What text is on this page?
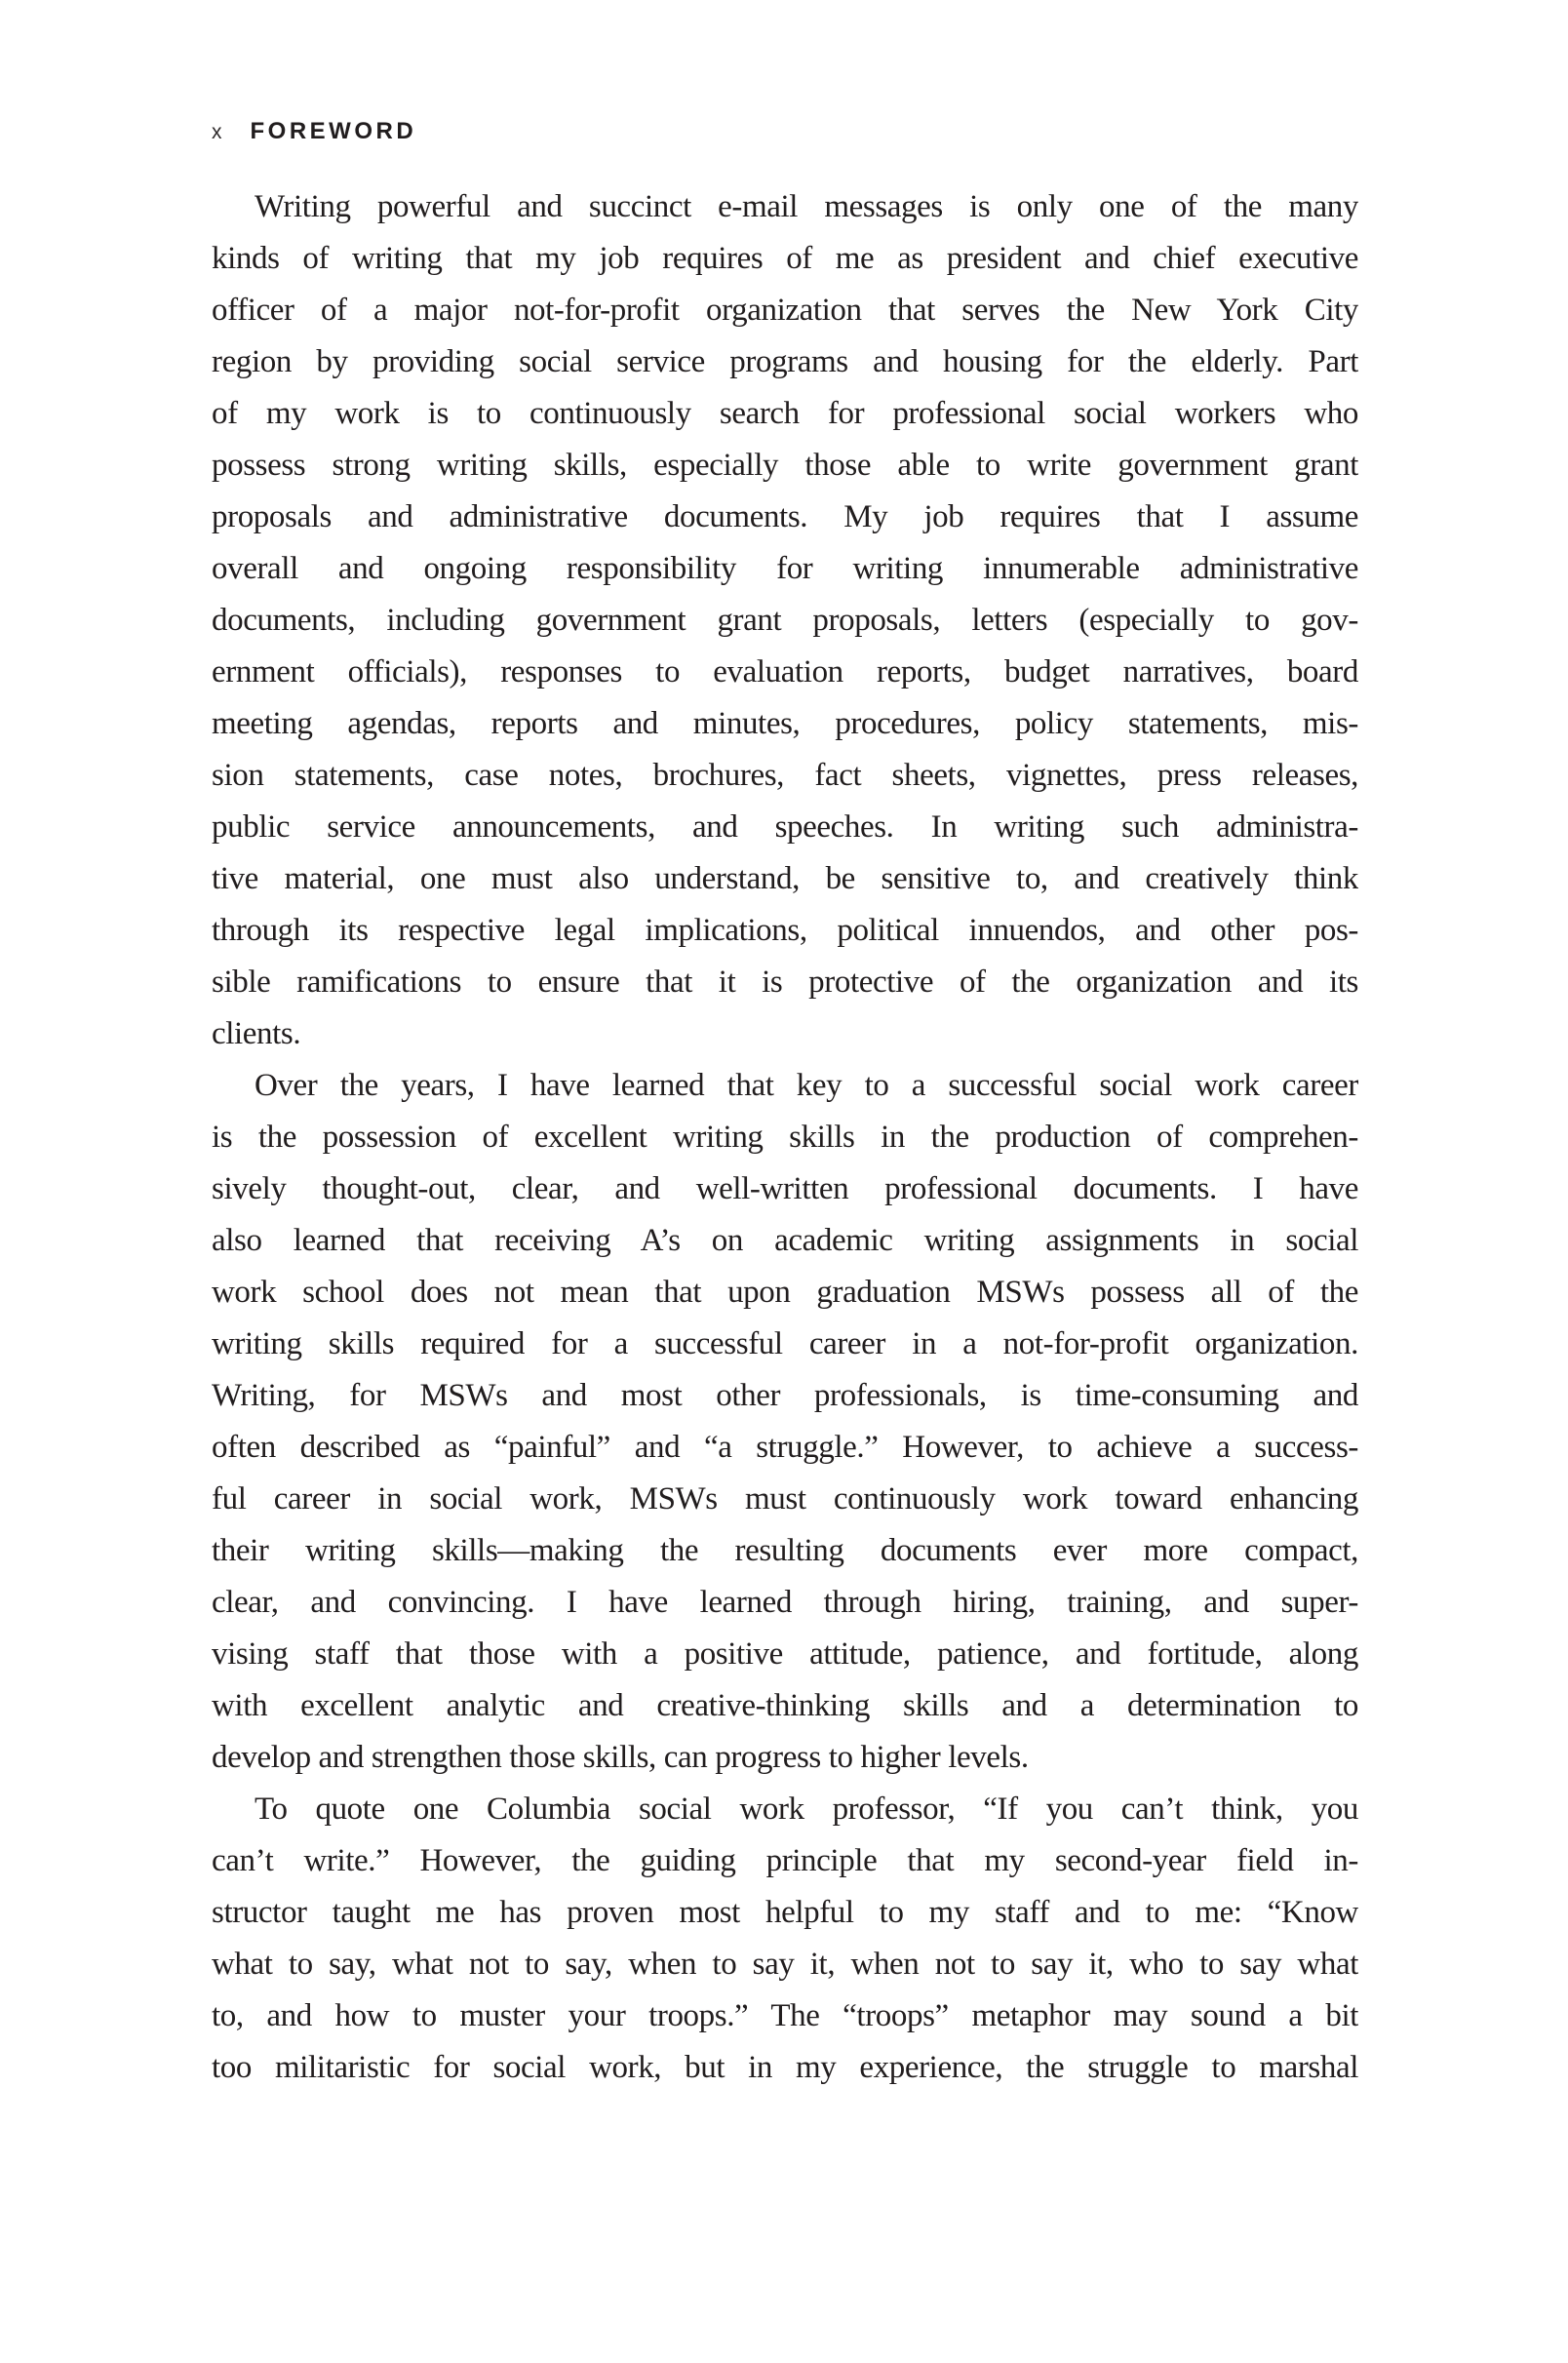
x FOREWORD
Writing powerful and succinct e-mail messages is only one of the many
kinds of writing that my job requires of me as president and chief executive
officer of a major not-for-profit organization that serves the New York City
region by providing social service programs and housing for the elderly. Part
of my work is to continuously search for professional social workers who
possess strong writing skills, especially those able to write government grant
proposals and administrative documents. My job requires that I assume
overall and ongoing responsibility for writing innumerable administrative
documents, including government grant proposals, letters (especially to gov-
ernment officials), responses to evaluation reports, budget narratives, board
meeting agendas, reports and minutes, procedures, policy statements, mis-
sion statements, case notes, brochures, fact sheets, vignettes, press releases,
public service announcements, and speeches. In writing such administra-
tive material, one must also understand, be sensitive to, and creatively think
through its respective legal implications, political innuendos, and other pos-
sible ramifications to ensure that it is protective of the organization and its
clients.
Over the years, I have learned that key to a successful social work career
is the possession of excellent writing skills in the production of comprehen-
sively thought-out, clear, and well-written professional documents. I have
also learned that receiving A’s on academic writing assignments in social
work school does not mean that upon graduation MSWs possess all of the
writing skills required for a successful career in a not-for-profit organization.
Writing, for MSWs and most other professionals, is time-consuming and
often described as “painful” and “a struggle.” However, to achieve a success-
ful career in social work, MSWs must continuously work toward enhancing
their writing skills—making the resulting documents ever more compact,
clear, and convincing. I have learned through hiring, training, and super-
vising staff that those with a positive attitude, patience, and fortitude, along
with excellent analytic and creative-thinking skills and a determination to
develop and strengthen those skills, can progress to higher levels.
To quote one Columbia social work professor, “If you can’t think, you
can’t write.” However, the guiding principle that my second-year field in-
structor taught me has proven most helpful to my staff and to me: “Know
what to say, what not to say, when to say it, when not to say it, who to say what
to, and how to muster your troops.” The “troops” metaphor may sound a bit
too militaristic for social work, but in my experience, the struggle to marshal
